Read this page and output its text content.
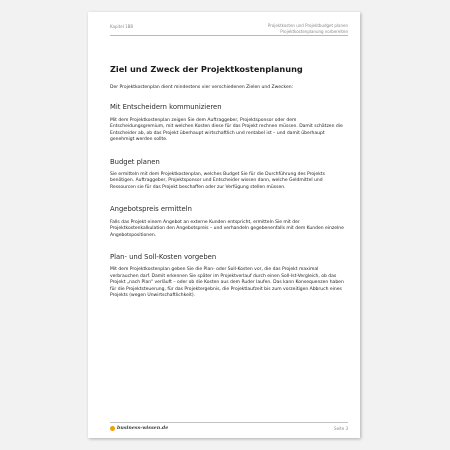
Kapitel 1BB	Projektkosten und Projektbudget planen
Projektkostenplanung vorbereiten
Ziel und Zweck der Projektkostenplanung

Der Projektkostenplan dient mindestens vier verschiedenen Zielen und Zwecken:

Mit Entscheidern kommunizieren

Mit dem Projektkostenplan zeigen Sie dem Auftraggeber, Projektsponsor oder dem Entscheidungsgremium, mit welchen Kosten diese für das Projekt rechnen müssen. Damit schätzen die Entscheider ab, ob das Projekt überhaupt wirtschaftlich und rentabel ist – und damit überhaupt genehmigt werden sollte.

Budget planen

Sie ermitteln mit dem Projektkostenplan, welches Budget Sie für die Durchführung des Projekts benötigen. Auftraggeber, Projektsponsor und Entscheider wissen dann, welche Geldmittel und Ressourcen sie für das Projekt beschaffen oder zur Verfügung stellen müssen.

Angebotspreis ermitteln

Falls das Projekt einem Angebot an externe Kunden entspricht, ermitteln Sie mit der Projektkostenkalkulation den Angebotspreis – und verhandeln gegebenenfalls mit dem Kunden einzelne Angebotspositionen.

Plan- und Soll-Kosten vorgeben

Mit dem Projektkostenplan geben Sie die Plan- oder Soll-Kosten vor, die das Projekt maximal verbrauchen darf. Damit erkennen Sie später im Projektverlauf durch einen Soll-Ist-Vergleich, ob das Projekt „nach Plan“ verläuft – oder ob die Kosten aus dem Ruder laufen. Das kann Konsequenzen haben für die Projektsteuerung, für das Projektergebnis, die Projektlaufzeit bis zum vorzeitigen Abbruch eines Projekts (wegen Unwirtschaftlichkeit).

business-wissen.de	Seite 3
